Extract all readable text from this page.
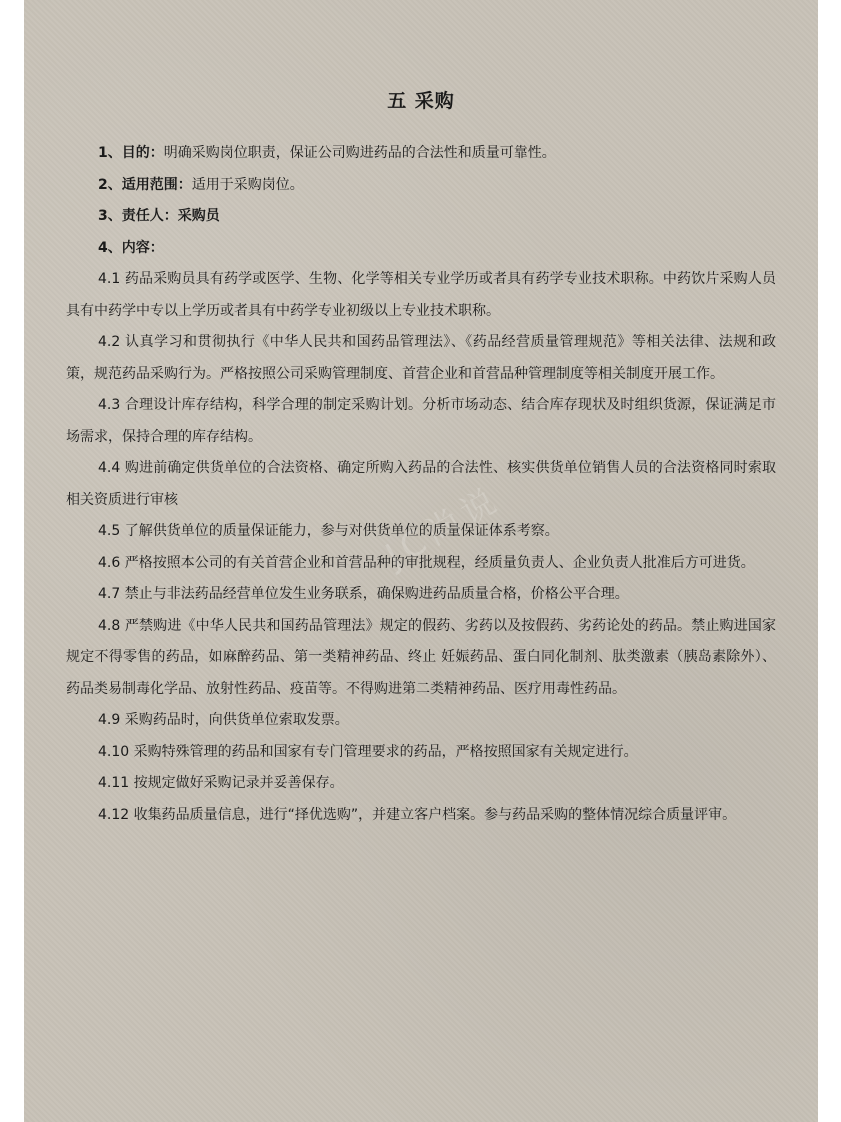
五 采购

1、目的：明确采购岗位职责，保证公司购进药品的合法性和质量可靠性。

2、适用范围：适用于采购岗位。

3、责任人：采购员

4、内容：

4.1 药品采购员具有药学或医学、生物、化学等相关专业学历或者具有药学专业技术职称。中药饮片采购人员具有中药学中专以上学历或者具有中药学专业初级以上专业技术职称。

4.2 认真学习和贯彻执行《中华人民共和国药品管理法》、《药品经营质量管理规范》等相关法律、法规和政策，规范药品采购行为。严格按照公司采购管理制度、首营企业和首营品种管理制度等相关制度开展工作。

4.3 合理设计库存结构，科学合理的制定采购计划。分析市场动态、结合库存现状及时组织货源，保证满足市场需求，保持合理的库存结构。

4.4 购进前确定供货单位的合法资格、确定所购入药品的合法性、核实供货单位销售人员的合法资格同时索取相关资质进行审核

4.5 了解供货单位的质量保证能力，参与对供货单位的质量保证体系考察。

4.6 严格按照本公司的有关首营企业和首营品种的审批规程，经质量负责人、企业负责人批准后方可进货。

4.7 禁止与非法药品经营单位发生业务联系，确保购进药品质量合格，价格公平合理。

4.8 严禁购进《中华人民共和国药品管理法》规定的假药、劣药以及按假药、劣药论处的药品。禁止购进国家规定不得零售的药品，如麻醉药品、第一类精神药品、终止 妊娠药品、蛋白同化制剂、肽类激素（胰岛素除外）、药品类易制毒化学品、放射性药品、疫苗等。不得购进第二类精神药品、医疗用毒性药品。

4.9 采购药品时，向供货单位索取发票。

4.10 采购特殊管理的药品和国家有专门管理要求的药品，严格按照国家有关规定进行。

4.11 按规定做好采购记录并妥善保存。

4.12 收集药品质量信息，进行“择优选购”，并建立客户档案。参与药品采购的整体情况综合质量评审。

JC尚说
